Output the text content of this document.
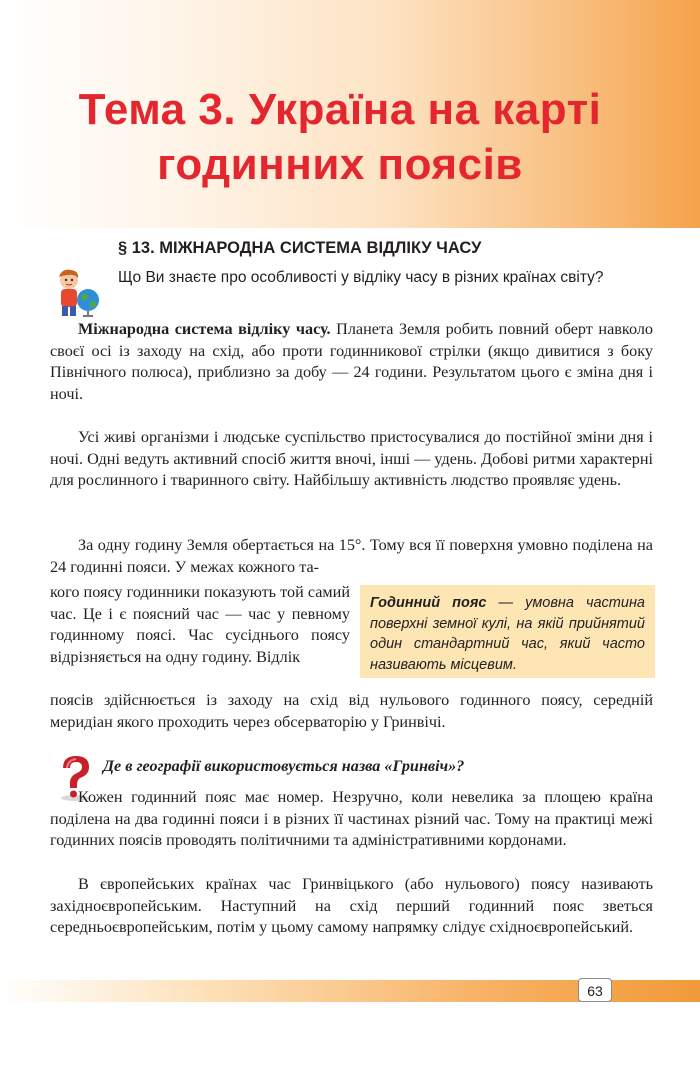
Тема 3. Україна на карті
годинних поясів
§ 13. МІЖНАРОДНА СИСТЕМА ВІДЛІКУ ЧАСУ
Що Ви знаєте про особливості у відліку часу в різних країнах світу?

Міжнародна система відліку часу. Планета Земля робить повний оберт навколо своєї осі із заходу на схід, або проти годинникової стрілки (якщо дивитися з боку Північного полюса), приблизно за добу — 24 години. Результатом цього є зміна дня і ночі.

Усі живі організми і людське суспільство пристосувалися до постійної зміни дня і ночі. Одні ведуть активний спосіб життя вночі, інші — удень. Добові ритми характерні для рослинного і тваринного світу. Найбільшу активність людство проявляє удень.

За одну годину Земля обертається на 15°. Тому вся її поверхня умовно поділена на 24 годинні пояси. У межах кожного та-

кого поясу годинники показують той самий час. Це і є поясний час — час у певному годинному поясі. Час сусіднього поясу відрізняється на одну годину. Відлік

Годинний пояс — умовна частина поверхні земної кулі, на якій прийнятий один стандартний час, який часто називають місцевим.

поясів здійснюється із заходу на схід від нульового годинного поясу, середній меридіан якого проходить через обсерваторію у Гринвічі.

Де в географії використовується назва «Гринвіч»?

Кожен годинний пояс має номер. Незручно, коли невелика за площею країна поділена на два годинні пояси і в різних її частинах різний час. Тому на практиці межі годинних поясів проводять політичними та адміністративними кордонами.

В європейських країнах час Гринвіцького (або нульового) поясу називають західноєвропейським. Наступний на схід перший годинний пояс зветься середньоєвропейським, потім у цьому самому напрямку слідує східноєвропейський.

63
